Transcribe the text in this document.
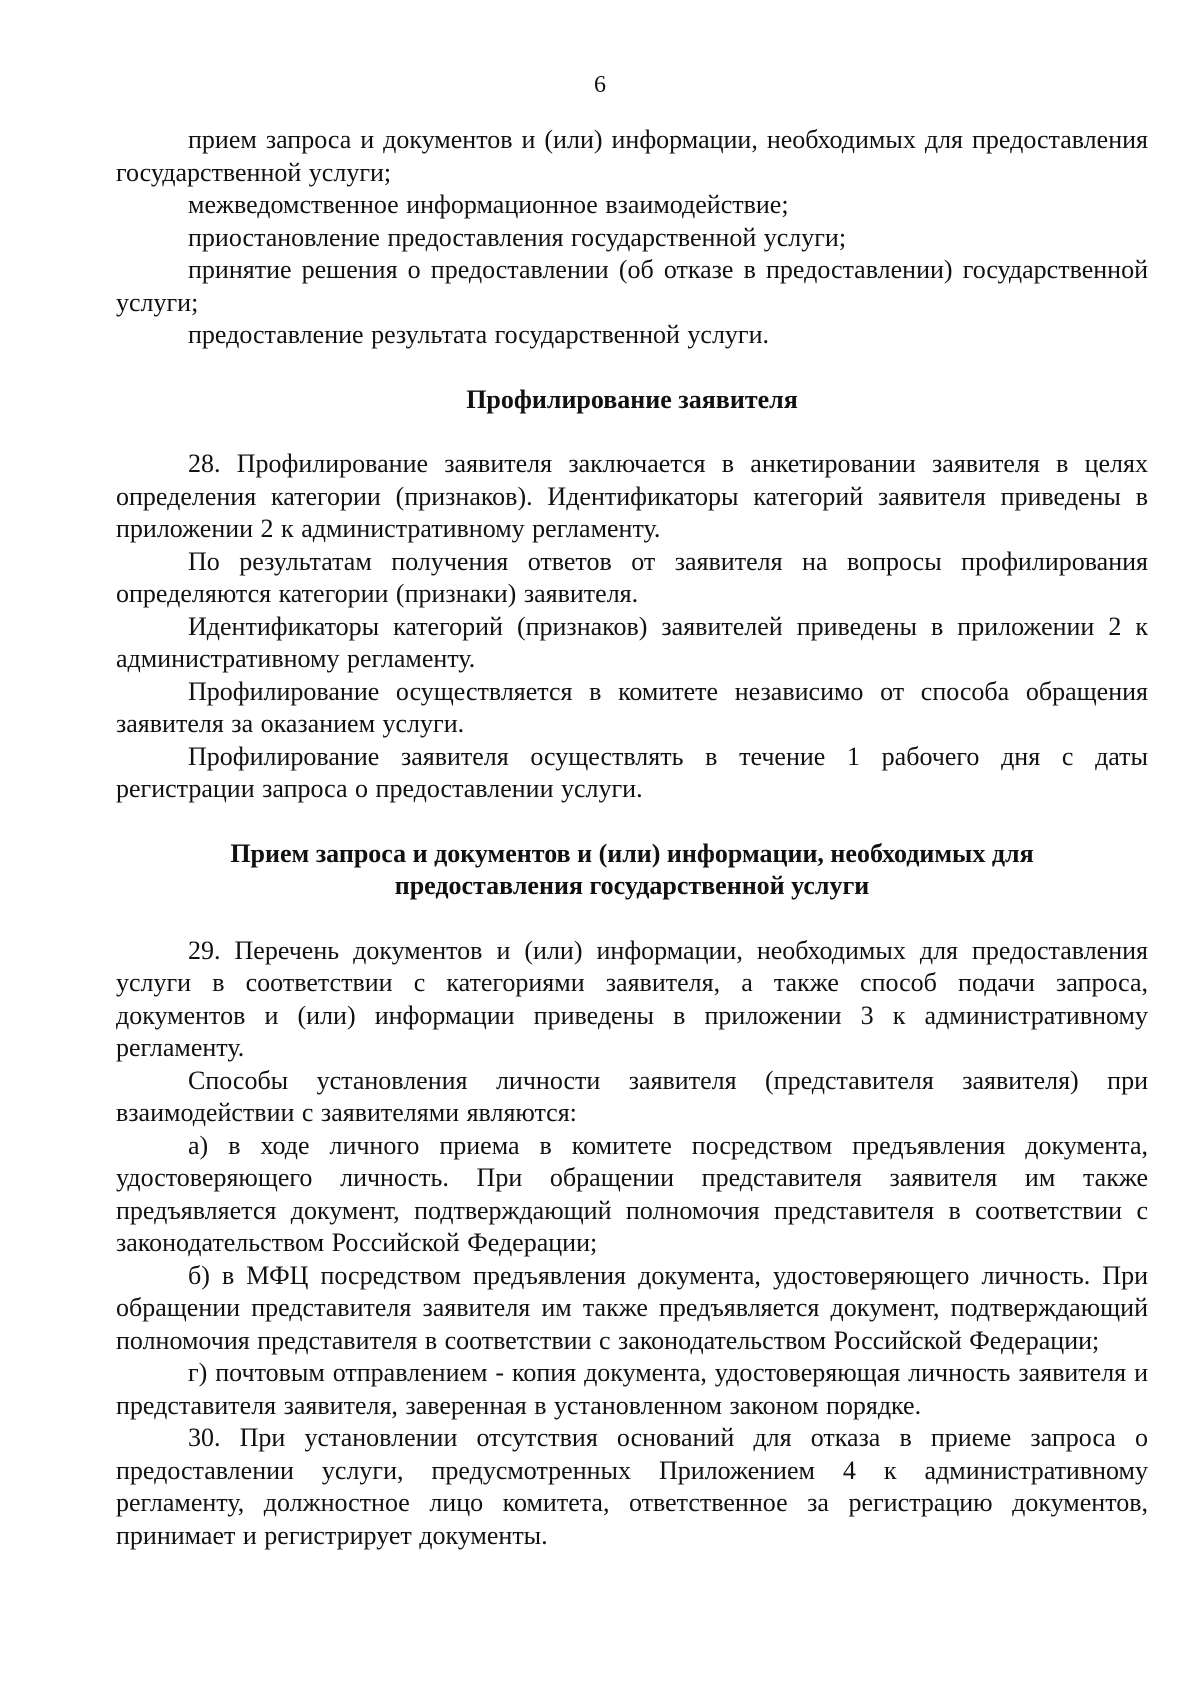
6

прием запроса и документов и (или) информации, необходимых для предоставления государственной услуги;

межведомственное информационное взаимодействие;

приостановление предоставления государственной услуги;

принятие решения о предоставлении (об отказе в предоставлении) государственной услуги;

предоставление результата государственной услуги.

Профилирование заявителя

28. Профилирование заявителя заключается в анкетировании заявителя в целях определения категории (признаков). Идентификаторы категорий заявителя приведены в приложении 2 к административному регламенту.

По результатам получения ответов от заявителя на вопросы профилирования определяются категории (признаки) заявителя.

Идентификаторы категорий (признаков) заявителей приведены в приложении 2 к административному регламенту.

Профилирование осуществляется в комитете независимо от способа обращения заявителя за оказанием услуги.

Профилирование заявителя осуществлять в течение 1 рабочего дня с даты регистрации запроса о предоставлении услуги.

Прием запроса и документов и (или) информации, необходимых для
предоставления государственной услуги

29. Перечень документов и (или) информации, необходимых для предоставления услуги в соответствии с категориями заявителя, а также способ подачи запроса, документов и (или) информации приведены в приложении 3 к административному регламенту.

Способы установления личности заявителя (представителя заявителя) при взаимодействии с заявителями являются:

а) в ходе личного приема в комитете посредством предъявления документа, удостоверяющего личность. При обращении представителя заявителя им также предъявляется документ, подтверждающий полномочия представителя в соответствии с законодательством Российской Федерации;

б) в МФЦ посредством предъявления документа, удостоверяющего личность. При обращении представителя заявителя им также предъявляется документ, подтверждающий полномочия представителя в соответствии с законодательством Российской Федерации;

г) почтовым отправлением - копия документа, удостоверяющая личность заявителя и представителя заявителя, заверенная в установленном законом порядке.

30. При установлении отсутствия оснований для отказа в приеме запроса о предоставлении услуги, предусмотренных Приложением 4 к административному регламенту, должностное лицо комитета, ответственное за регистрацию документов, принимает и регистрирует документы.
